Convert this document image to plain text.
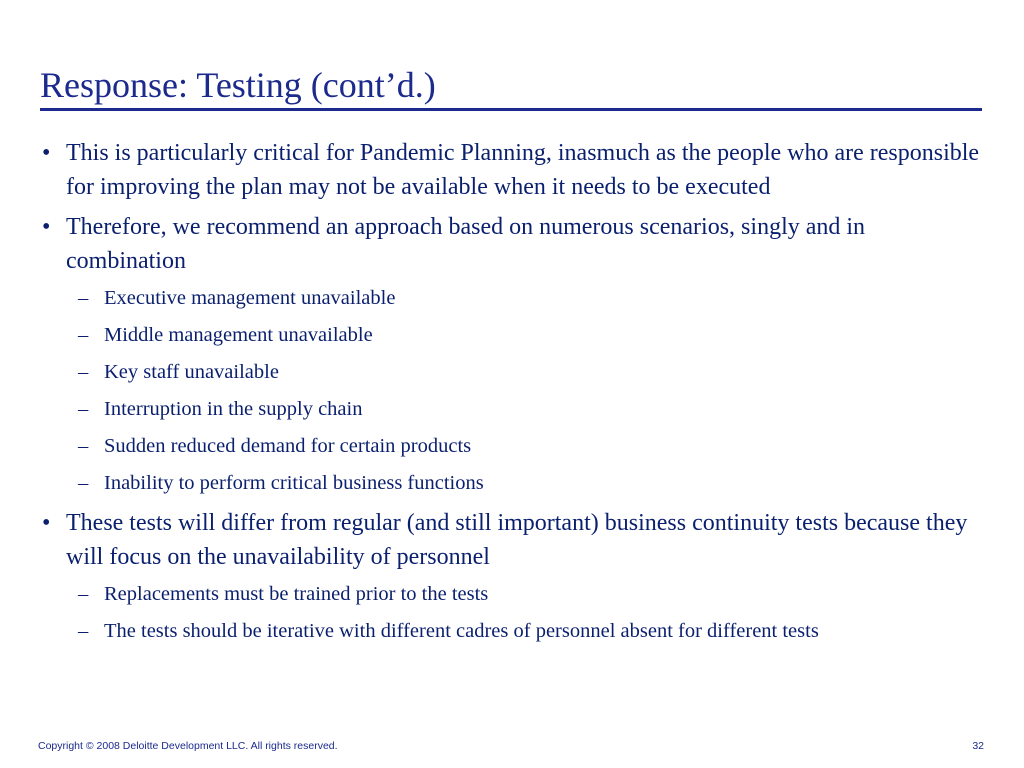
Response: Testing (cont’d.)
• This is particularly critical for Pandemic Planning, inasmuch as the people who are responsible for improving the plan may not be available when it needs to be executed
• Therefore, we recommend an approach based on numerous scenarios, singly and in combination
– Executive management unavailable
– Middle management unavailable
– Key staff unavailable
– Interruption in the supply chain
– Sudden reduced demand for certain products
– Inability to perform critical business functions
• These tests will differ from regular (and still important) business continuity tests because they will focus on the unavailability of personnel
– Replacements must be trained prior to the tests
– The tests should be iterative with different cadres of personnel absent for different tests
Copyright © 2008 Deloitte Development LLC. All rights reserved.	32
